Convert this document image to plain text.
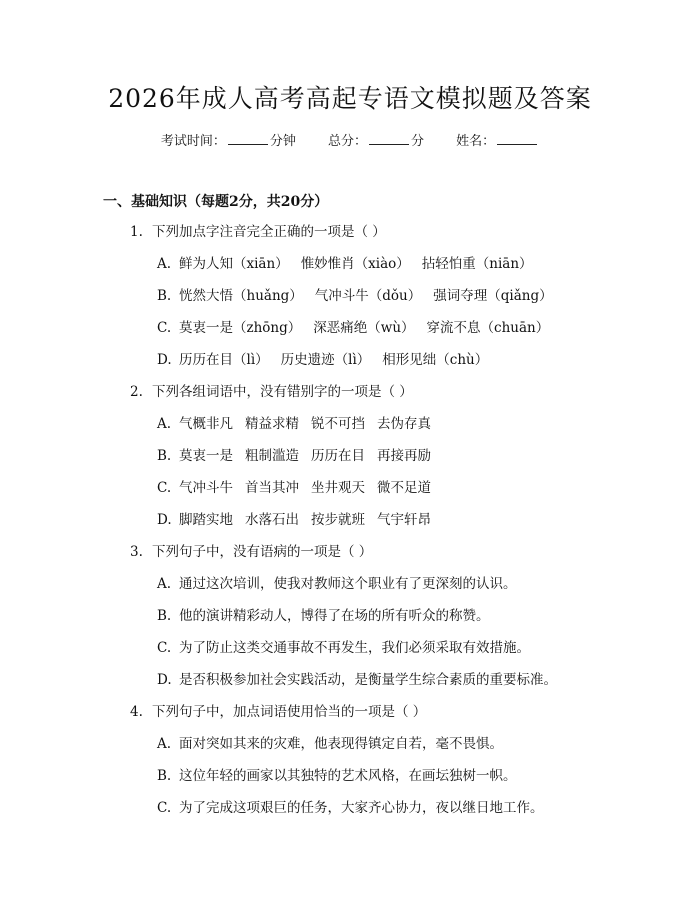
2026年成人高考高起专语文模拟题及答案
考试时间：	分钟 总分：	分 姓名：
一、基础知识（每题2分，共20分）
1. 下列加点字注音完全正确的一项是（ ）
A. 鲜为人知（xiān） 惟妙惟肖（xiào） 拈轻怕重（niān）
B. 恍然大悟（huǎng） 气冲斗牛（dǒu） 强词夺理（qiǎng）
C. 莫衷一是（zhōng） 深恶痛绝（wù） 穿流不息（chuān）
D. 历历在目（lì） 历史遗迹（lì） 相形见绌（chù）
2. 下列各组词语中，没有错别字的一项是（ ）
A. 气概非凡 精益求精 锐不可挡 去伪存真
B. 莫衷一是 粗制滥造 历历在目 再接再励
C. 气冲斗牛 首当其冲 坐井观天 微不足道
D. 脚踏实地 水落石出 按步就班 气宇轩昂
3. 下列句子中，没有语病的一项是（ ）
A. 通过这次培训，使我对教师这个职业有了更深刻的认识。
B. 他的演讲精彩动人，博得了在场的所有听众的称赞。
C. 为了防止这类交通事故不再发生，我们必须采取有效措施。
D. 是否积极参加社会实践活动，是衡量学生综合素质的重要标准。
4. 下列句子中，加点词语使用恰当的一项是（ ）
A. 面对突如其来的灾难，他表现得镇定自若，毫不畏惧。
B. 这位年轻的画家以其独特的艺术风格，在画坛独树一帜。
C. 为了完成这项艰巨的任务，大家齐心协力，夜以继日地工作。
